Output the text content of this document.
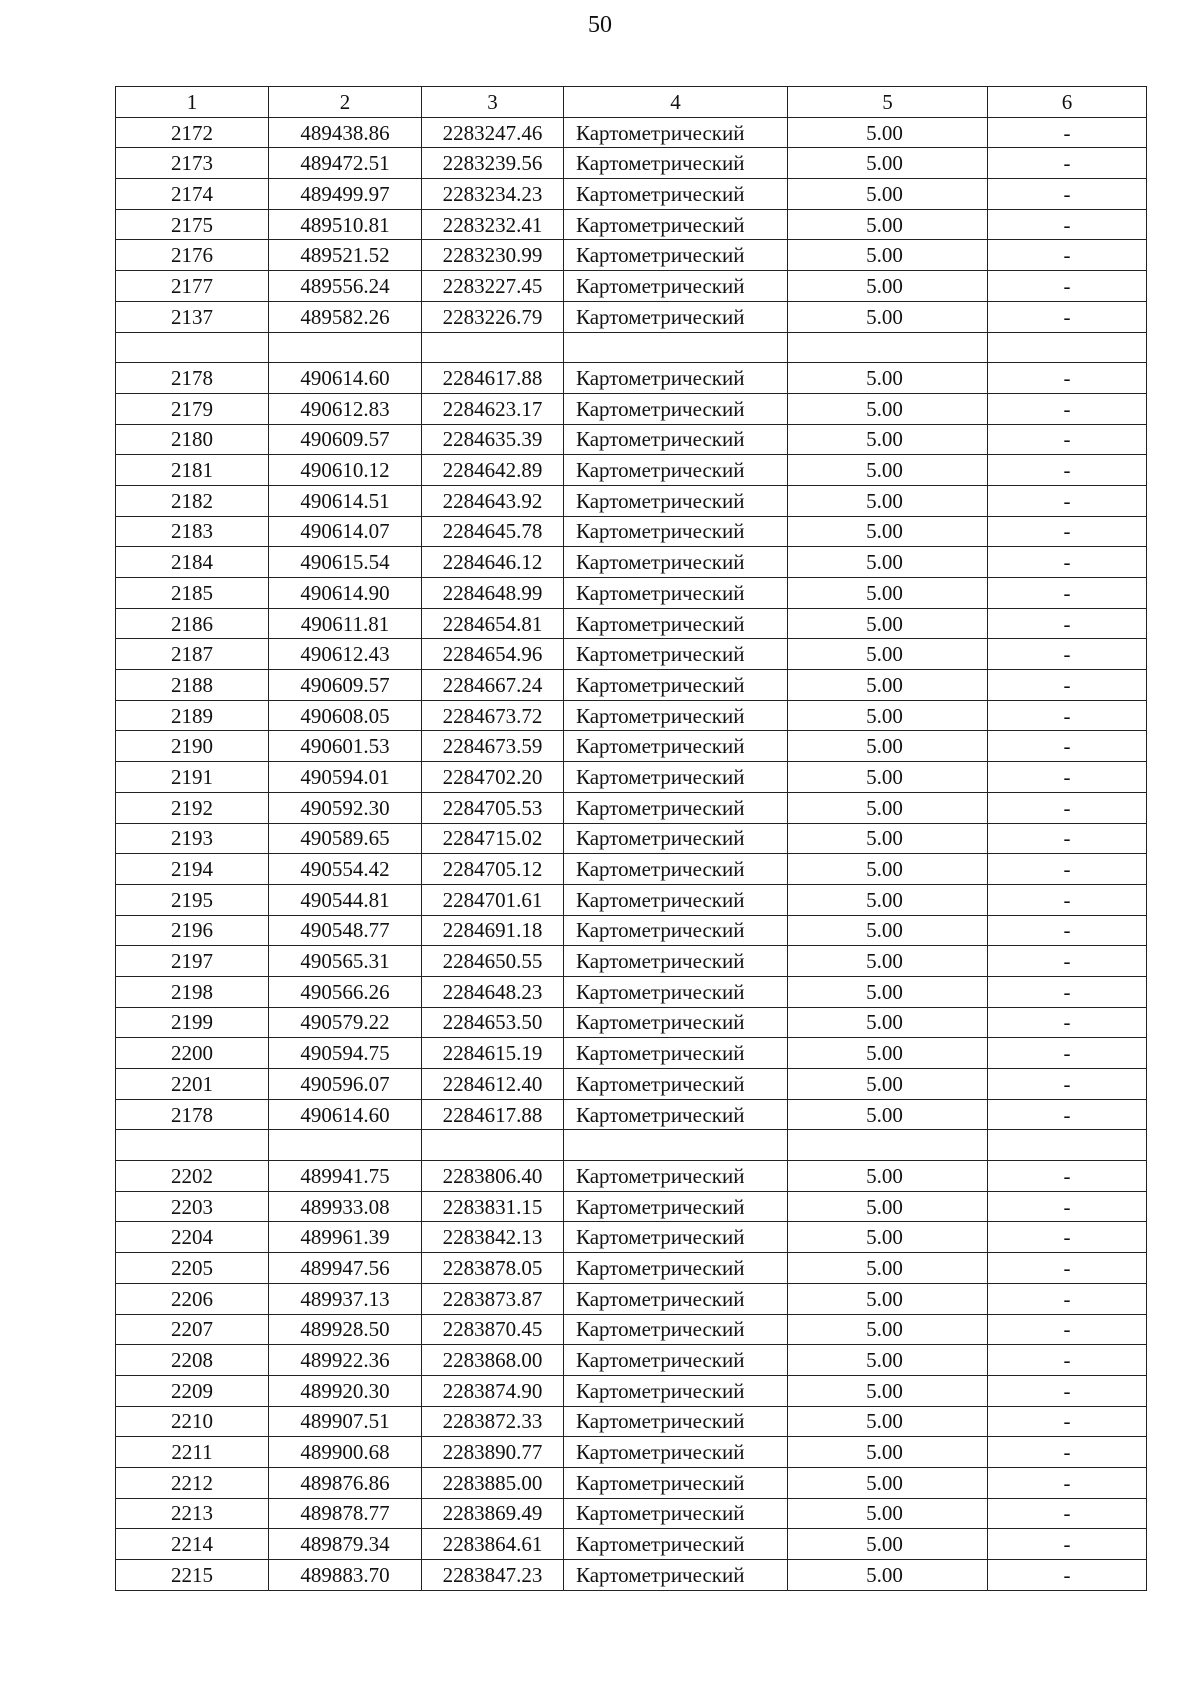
50
1	2	3	4	5	6
2172	489438.86	2283247.46	Картометрический	5.00	-
2173	489472.51	2283239.56	Картометрический	5.00	-
2174	489499.97	2283234.23	Картометрический	5.00	-
2175	489510.81	2283232.41	Картометрический	5.00	-
2176	489521.52	2283230.99	Картометрический	5.00	-
2177	489556.24	2283227.45	Картометрический	5.00	-
2137	489582.26	2283226.79	Картометрический	5.00	-

2178	490614.60	2284617.88	Картометрический	5.00	-
2179	490612.83	2284623.17	Картометрический	5.00	-
2180	490609.57	2284635.39	Картометрический	5.00	-
2181	490610.12	2284642.89	Картометрический	5.00	-
2182	490614.51	2284643.92	Картометрический	5.00	-
2183	490614.07	2284645.78	Картометрический	5.00	-
2184	490615.54	2284646.12	Картометрический	5.00	-
2185	490614.90	2284648.99	Картометрический	5.00	-
2186	490611.81	2284654.81	Картометрический	5.00	-
2187	490612.43	2284654.96	Картометрический	5.00	-
2188	490609.57	2284667.24	Картометрический	5.00	-
2189	490608.05	2284673.72	Картометрический	5.00	-
2190	490601.53	2284673.59	Картометрический	5.00	-
2191	490594.01	2284702.20	Картометрический	5.00	-
2192	490592.30	2284705.53	Картометрический	5.00	-
2193	490589.65	2284715.02	Картометрический	5.00	-
2194	490554.42	2284705.12	Картометрический	5.00	-
2195	490544.81	2284701.61	Картометрический	5.00	-
2196	490548.77	2284691.18	Картометрический	5.00	-
2197	490565.31	2284650.55	Картометрический	5.00	-
2198	490566.26	2284648.23	Картометрический	5.00	-
2199	490579.22	2284653.50	Картометрический	5.00	-
2200	490594.75	2284615.19	Картометрический	5.00	-
2201	490596.07	2284612.40	Картометрический	5.00	-
2178	490614.60	2284617.88	Картометрический	5.00	-

2202	489941.75	2283806.40	Картометрический	5.00	-
2203	489933.08	2283831.15	Картометрический	5.00	-
2204	489961.39	2283842.13	Картометрический	5.00	-
2205	489947.56	2283878.05	Картометрический	5.00	-
2206	489937.13	2283873.87	Картометрический	5.00	-
2207	489928.50	2283870.45	Картометрический	5.00	-
2208	489922.36	2283868.00	Картометрический	5.00	-
2209	489920.30	2283874.90	Картометрический	5.00	-
2210	489907.51	2283872.33	Картометрический	5.00	-
2211	489900.68	2283890.77	Картометрический	5.00	-
2212	489876.86	2283885.00	Картометрический	5.00	-
2213	489878.77	2283869.49	Картометрический	5.00	-
2214	489879.34	2283864.61	Картометрический	5.00	-
2215	489883.70	2283847.23	Картометрический	5.00	-
